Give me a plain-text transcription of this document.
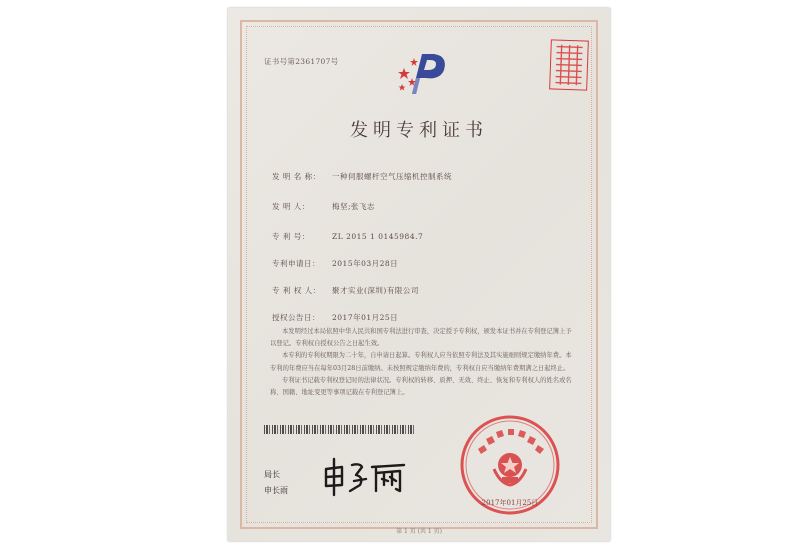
证书号第2361707号
发明专利证书
发 明 名 称： 一种伺服螺杆空气压缩机控制系统
发 明 人：	梅坚;张飞志
专 利 号：	ZL 2015 1 0145984.7
专利申请日： 2015年03月28日
专 利 权 人： 聚才实业(深圳)有限公司
授权公告日： 2017年01月25日

本发明经过本局依照中华人民共和国专利法进行审查，决定授予专利权，颁发本证书并在专利登记簿上予以登记。专利权自授权公告之日起生效。

本专利的专利权期限为二十年，自申请日起算。专利权人应当依照专利法及其实施细则规定缴纳年费。本专利的年费应当在每年03月28日前缴纳。未按照规定缴纳年费的，专利权自应当缴纳年费期满之日起终止。

专利证书记载专利权登记时的法律状况。专利权的转移、质押、无效、终止、恢复和专利权人的姓名或名称、国籍、地址变更等事项记载在专利登记簿上。

局长
申长雨
2017年01月25日
第 1 页 (共 1 页)
